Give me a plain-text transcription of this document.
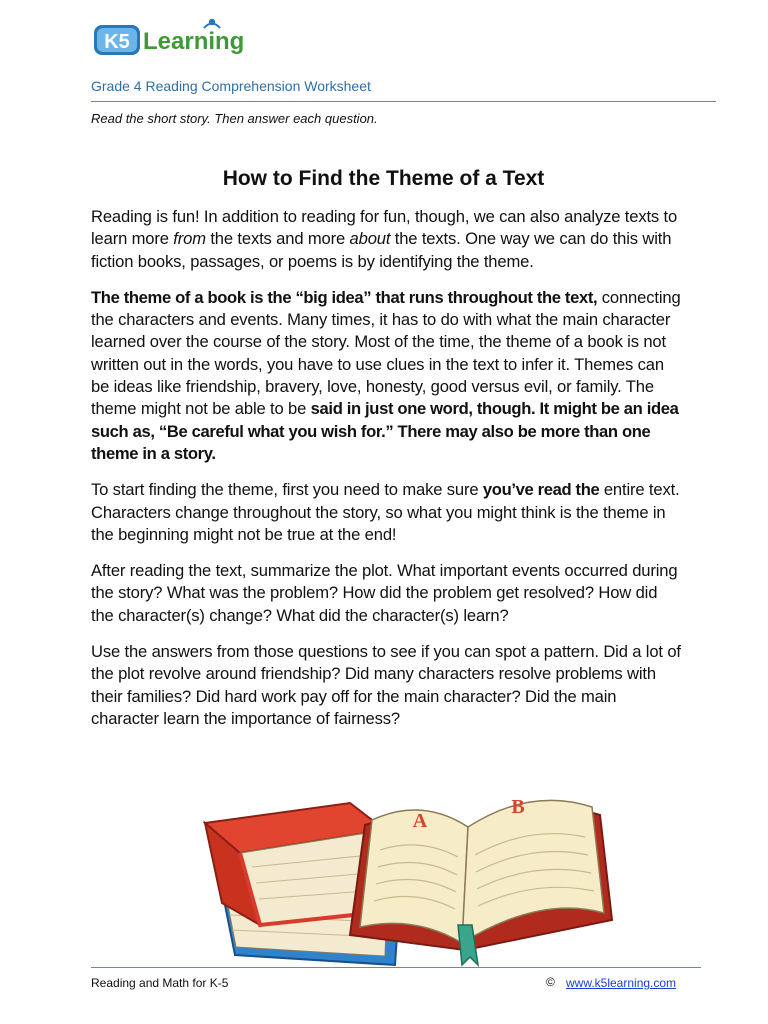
K5 Learning
Grade 4 Reading Comprehension Worksheet
Read the short story. Then answer each question.
How to Find the Theme of a Text

Reading is fun! In addition to reading for fun, though, we can also analyze texts to learn more from the texts and more about the texts. One way we can do this with fiction books, passages, or poems is by identifying the theme.

The theme of a book is the “big idea” that runs throughout the text, connecting the characters and events. Many times, it has to do with what the main character learned over the course of the story. Most of the time, the theme of a book is not written out in the words, you have to use clues in the text to infer it. Themes can be ideas like friendship, bravery, love, honesty, good versus evil, or family. The theme might not be able to be said in just one word, though. It might be an idea such as, “Be careful what you wish for.” There may also be more than one theme in a story.

To start finding the theme, first you need to make sure you’ve read the entire text. Characters change throughout the story, so what you might think is the theme in the beginning might not be true at the end!

After reading the text, summarize the plot. What important events occurred during the story? What was the problem? How did the problem get resolved? How did the character(s) change? What did the character(s) learn?

Use the answers from those questions to see if you can spot a pattern. Did a lot of the plot revolve around friendship? Did many characters resolve problems with their families? Did hard work pay off for the main character? Did the main character learn the importance of fairness?

A
B
Reading and Math for K-5	© www.k5learning.com
